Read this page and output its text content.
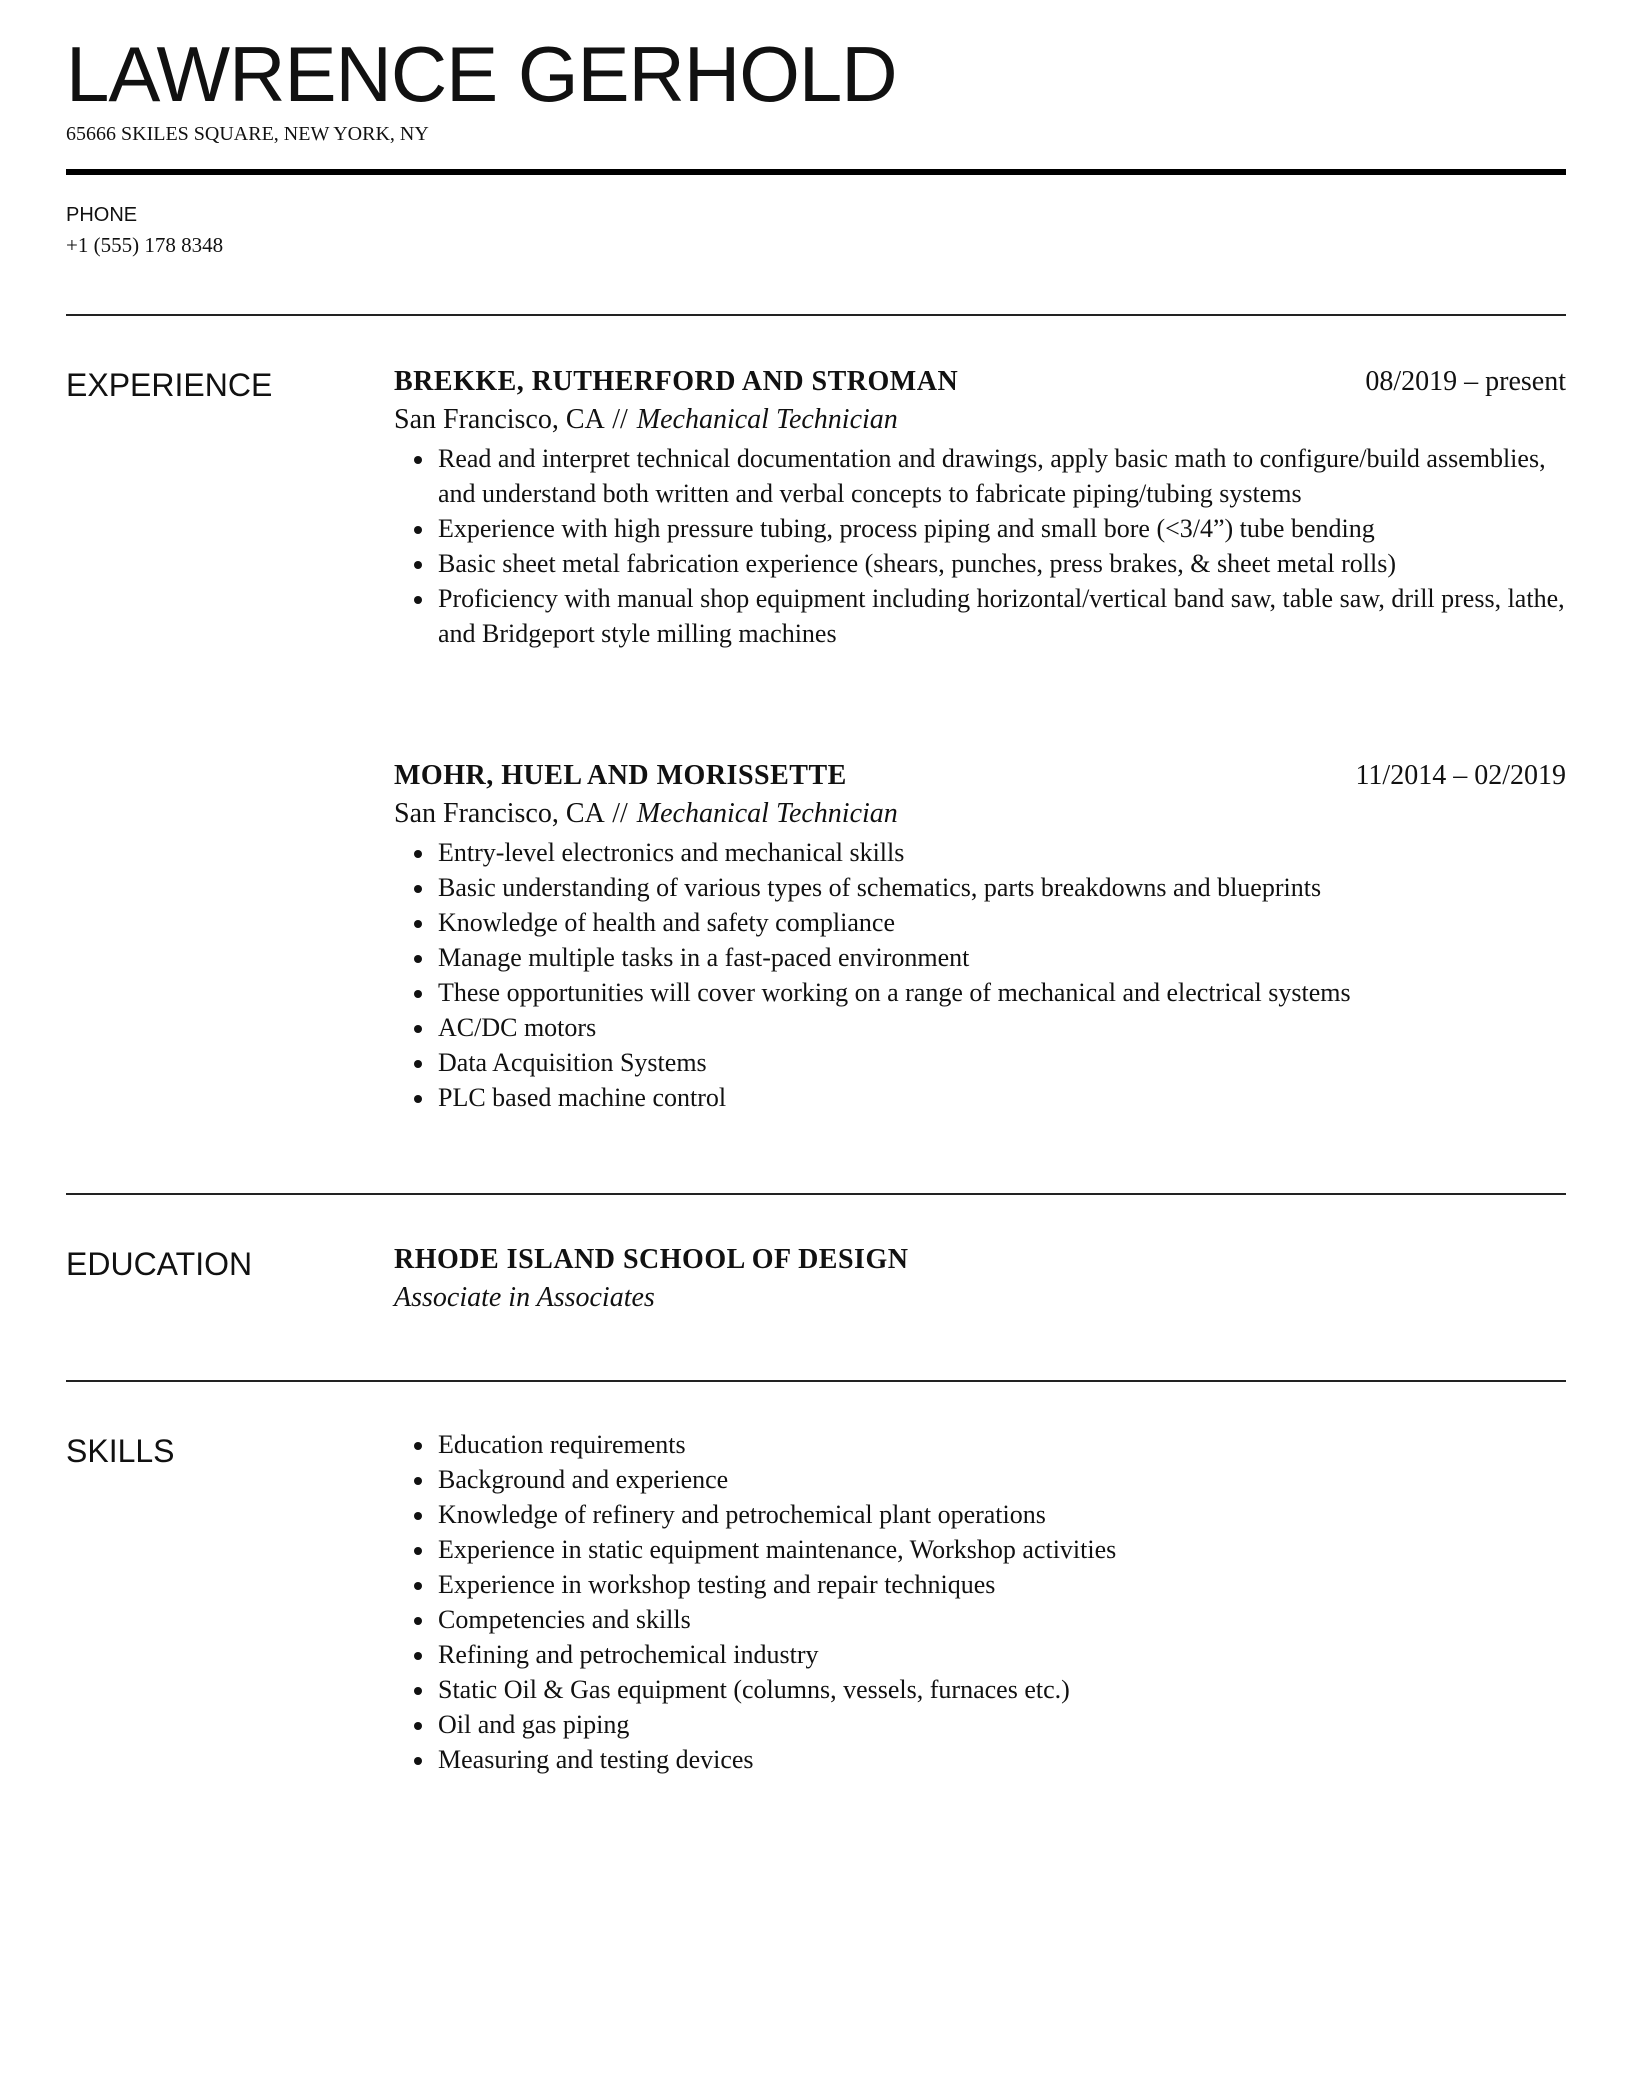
LAWRENCE GERHOLD
65666 SKILES SQUARE, NEW YORK, NY
PHONE
+1 (555) 178 8348
EXPERIENCE	BREKKE, RUTHERFORD AND STROMAN	08/2019 – present
San Francisco, CA // Mechanical Technician
• Read and interpret technical documentation and drawings, apply basic math to configure/build assemblies, and understand both written and verbal concepts to fabricate piping/tubing systems
• Experience with high pressure tubing, process piping and small bore (<3/4”) tube bending
• Basic sheet metal fabrication experience (shears, punches, press brakes, & sheet metal rolls)
• Proficiency with manual shop equipment including horizontal/vertical band saw, table saw, drill press, lathe, and Bridgeport style milling machines
MOHR, HUEL AND MORISSETTE	11/2014 – 02/2019
San Francisco, CA // Mechanical Technician
• Entry-level electronics and mechanical skills
• Basic understanding of various types of schematics, parts breakdowns and blueprints
• Knowledge of health and safety compliance
• Manage multiple tasks in a fast-paced environment
• These opportunities will cover working on a range of mechanical and electrical systems
• AC/DC motors
• Data Acquisition Systems
• PLC based machine control
EDUCATION	RHODE ISLAND SCHOOL OF DESIGN
Associate in Associates
SKILLS
•	Education requirements
• Background and experience
• Knowledge of refinery and petrochemical plant operations
• Experience in static equipment maintenance, Workshop activities
• Experience in workshop testing and repair techniques
• Competencies and skills
• Refining and petrochemical industry
• Static Oil & Gas equipment (columns, vessels, furnaces etc.)
• Oil and gas piping
• Measuring and testing devices
